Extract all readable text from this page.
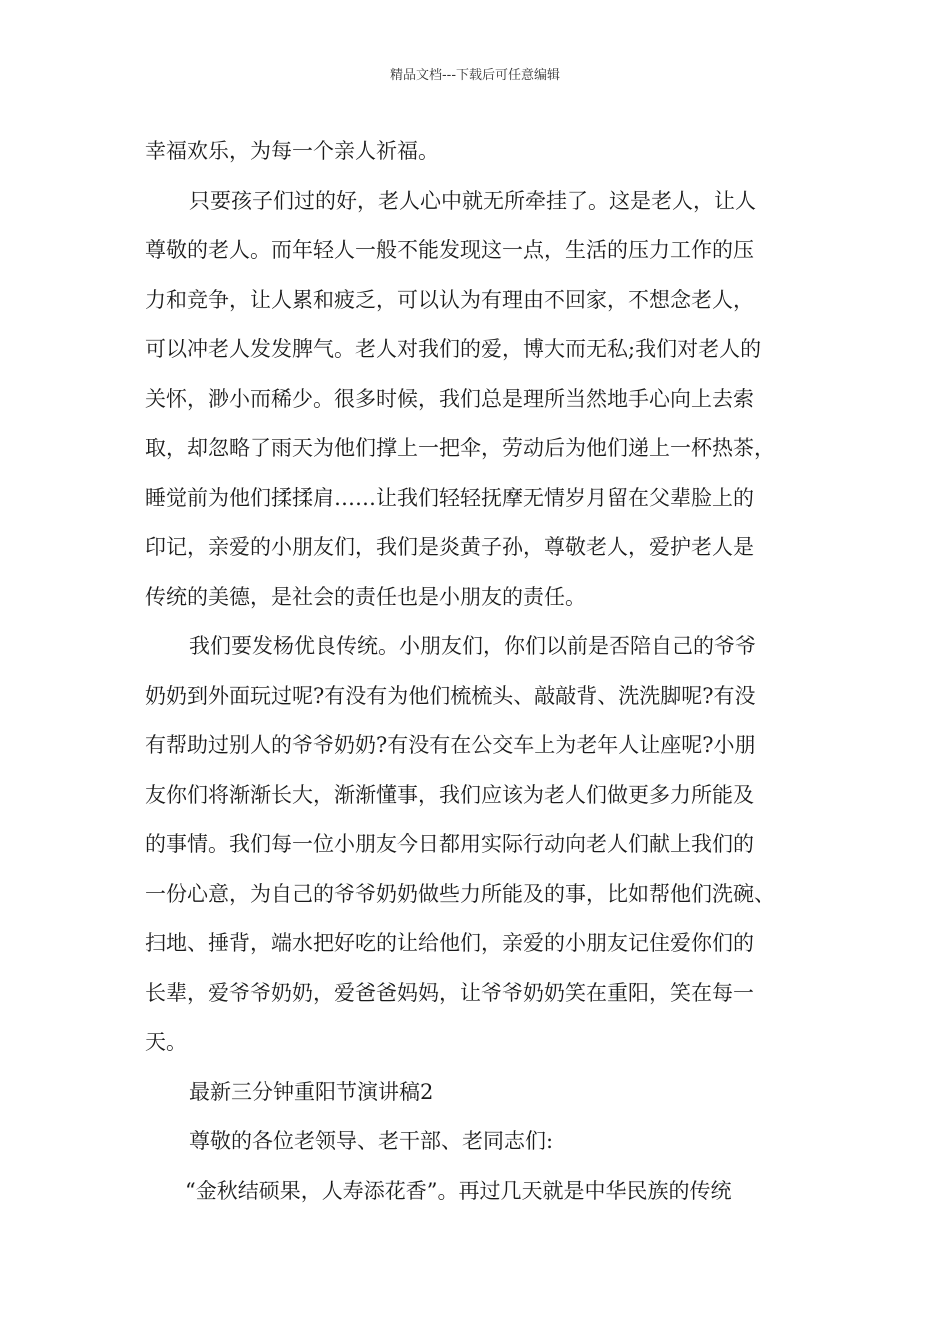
精品文档---下载后可任意编辑
幸福欢乐，为每一个亲人祈福。
只要孩子们过的好，老人心中就无所牵挂了。这是老人，让人
尊敬的老人。而年轻人一般不能发现这一点，生活的压力工作的压
力和竞争，让人累和疲乏，可以认为有理由不回家，不想念老人，
可以冲老人发发脾气。老人对我们的爱，博大而无私;我们对老人的
关怀，渺小而稀少。很多时候，我们总是理所当然地手心向上去索
取，却忽略了雨天为他们撑上一把伞，劳动后为他们递上一杯热茶，
睡觉前为他们揉揉肩……让我们轻轻抚摩无情岁月留在父辈脸上的
印记，亲爱的小朋友们，我们是炎黄子孙，尊敬老人，爱护老人是
传统的美德，是社会的责任也是小朋友的责任。
我们要发杨优良传统。小朋友们，你们以前是否陪自己的爷爷
奶奶到外面玩过呢?有没有为他们梳梳头、敲敲背、洗洗脚呢?有没
有帮助过别人的爷爷奶奶?有没有在公交车上为老年人让座呢?小朋
友你们将渐渐长大，渐渐懂事，我们应该为老人们做更多力所能及
的事情。我们每一位小朋友今日都用实际行动向老人们献上我们的
一份心意，为自己的爷爷奶奶做些力所能及的事，比如帮他们洗碗、
扫地、捶背，端水把好吃的让给他们，亲爱的小朋友记住爱你们的
长辈，爱爷爷奶奶，爱爸爸妈妈，让爷爷奶奶笑在重阳，笑在每一
天。
最新三分钟重阳节演讲稿2
尊敬的各位老领导、老干部、老同志们:
“金秋结硕果，人寿添花香”。再过几天就是中华民族的传统
